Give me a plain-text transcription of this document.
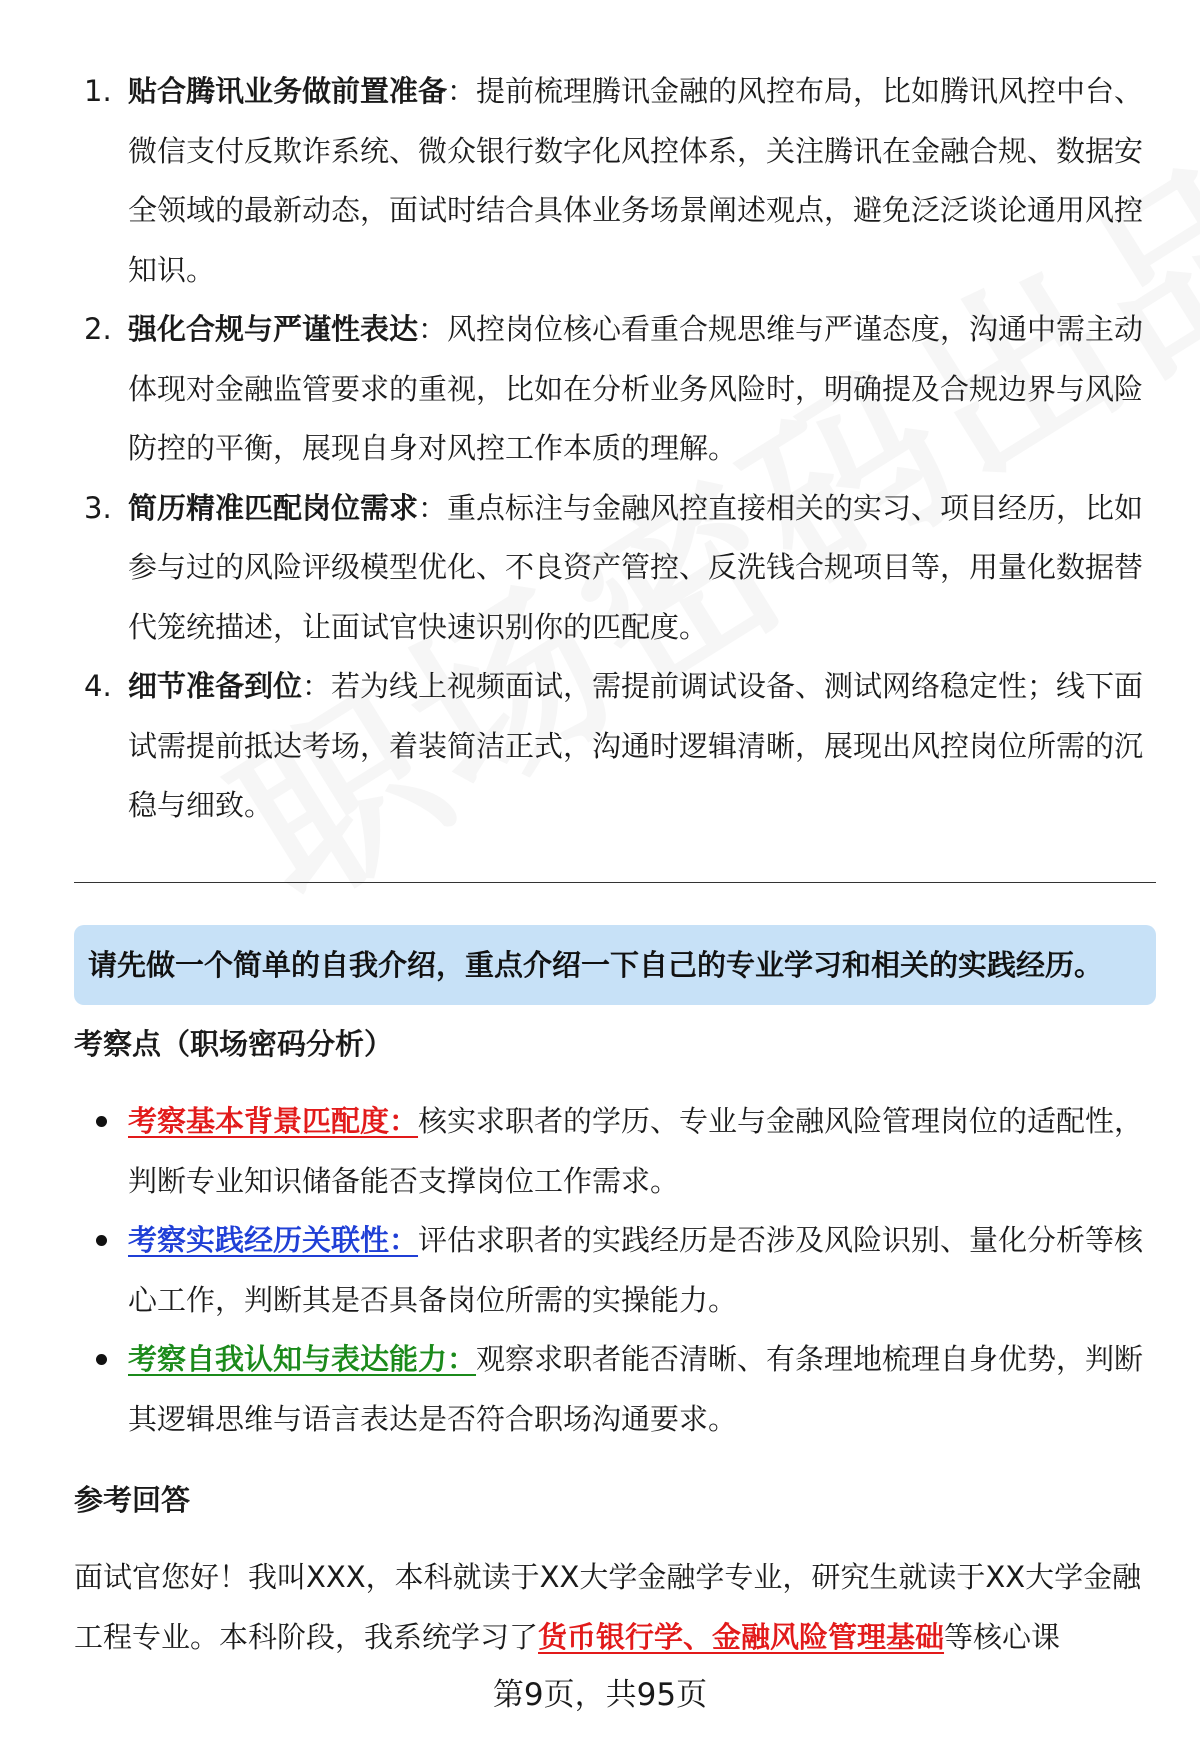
1. 贴合腾讯业务做前置准备：提前梳理腾讯金融的风控布局，比如腾讯风控中台、微信支付反欺诈系统、微众银行数字化风控体系，关注腾讯在金融合规、数据安全领域的最新动态，面试时结合具体业务场景阐述观点，避免泛泛谈论通用风控知识。
2. 强化合规与严谨性表达：风控岗位核心看重合规思维与严谨态度，沟通中需主动体现对金融监管要求的重视，比如在分析业务风险时，明确提及合规边界与风险防控的平衡，展现自身对风控工作本质的理解。
3. 简历精准匹配岗位需求：重点标注与金融风控直接相关的实习、项目经历，比如参与过的风险评级模型优化、不良资产管控、反洗钱合规项目等，用量化数据替代笼统描述，让面试官快速识别你的匹配度。
4. 细节准备到位：若为线上视频面试，需提前调试设备、测试网络稳定性；线下面试需提前抵达考场，着装简洁正式，沟通时逻辑清晰，展现出风控岗位所需的沉稳与细致。
请先做一个简单的自我介绍，重点介绍一下自己的专业学习和相关的实践经历。
考察点（职场密码分析）
考察基本背景匹配度：核实求职者的学历、专业与金融风险管理岗位的适配性，判断专业知识储备能否支撑岗位工作需求。
考察实践经历关联性：评估求职者的实践经历是否涉及风险识别、量化分析等核心工作，判断其是否具备岗位所需的实操能力。
考察自我认知与表达能力：观察求职者能否清晰、有条理地梳理自身优势，判断其逻辑思维与语言表达是否符合职场沟通要求。
参考回答

面试官您好！我叫XXX，本科就读于XX大学金融学专业，研究生就读于XX大学金融工程专业。本科阶段，我系统学习了货币银行学、金融风险管理基础等核心课

第9页，共95页
